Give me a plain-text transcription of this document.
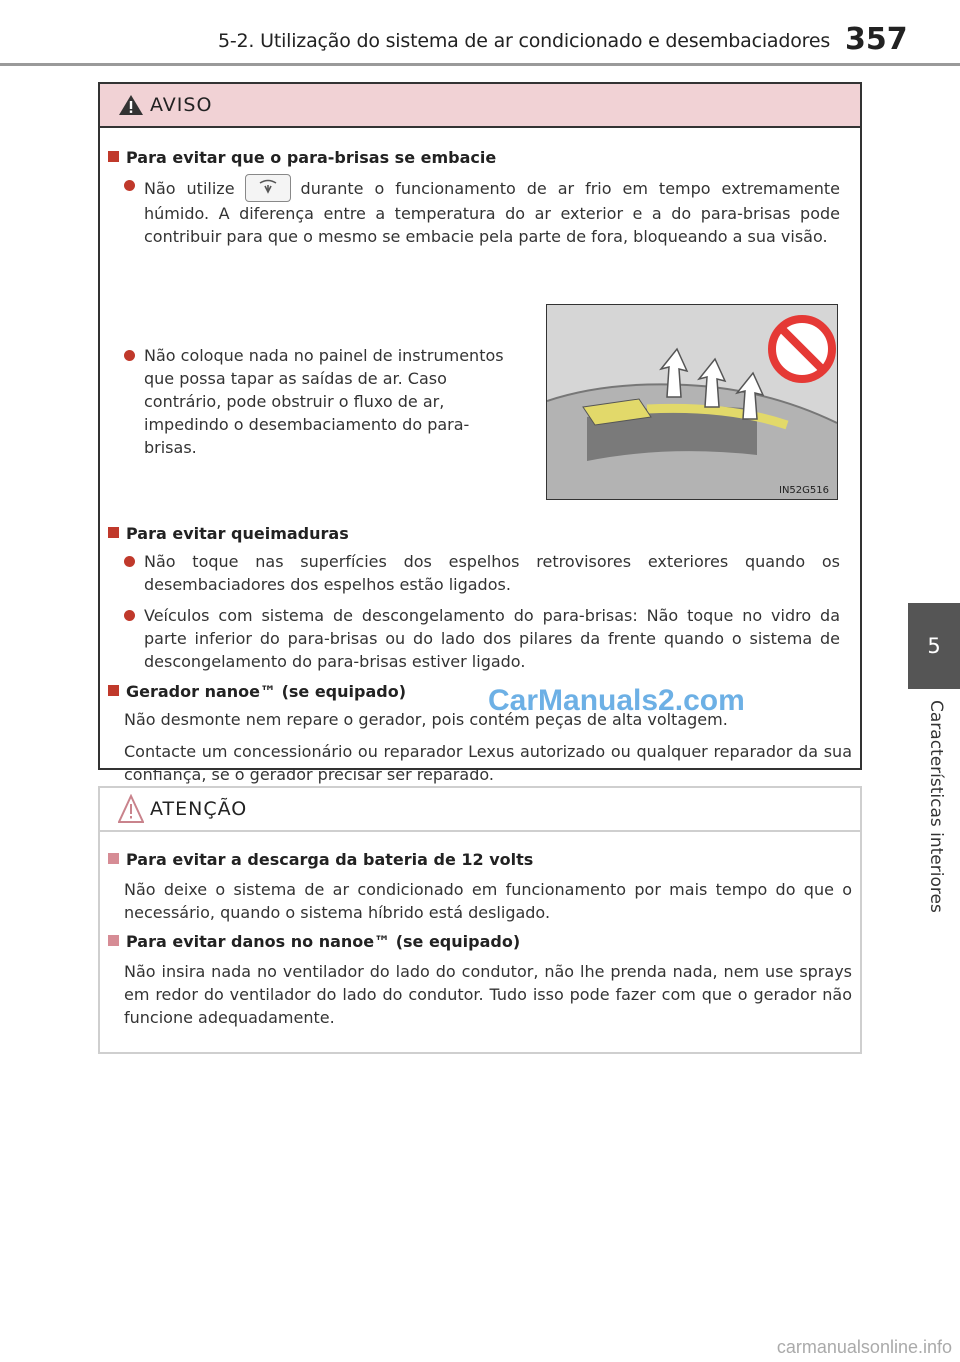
5-2. Utilização do sistema de ar condicionado e desembaciadores 357
5
Características interiores
AVISO
Para evitar que o para-brisas se embacie
Não utilize	durante o funcionamento de ar frio em tempo extremamente húmido. A diferença entre a temperatura do ar exterior e a do para-brisas pode contribuir para que o mesmo se embacie pela parte de fora, bloqueando a sua visão.
Não coloque nada no painel de instrumentos que possa tapar as saídas de ar. Caso contrário, pode obstruir o fluxo de ar, impedindo o desembaciamento do para-brisas.
IN52G516
Para evitar queimaduras
Não toque nas superfícies dos espelhos retrovisores exteriores quando os desembaciadores dos espelhos estão ligados.
Veículos com sistema de descongelamento do para-brisas: Não toque no vidro da parte inferior do para-brisas ou do lado dos pilares da frente quando o sistema de descongelamento do para-brisas estiver ligado.
Gerador nanoe™ (se equipado)
Não desmonte nem repare o gerador, pois contém peças de alta voltagem.
Contacte um concessionário ou reparador Lexus autorizado ou qualquer reparador da sua confiança, se o gerador precisar ser reparado.
CarManuals2.com
ATENÇÃO
Para evitar a descarga da bateria de 12 volts
Não deixe o sistema de ar condicionado em funcionamento por mais tempo do que o necessário, quando o sistema híbrido está desligado.
Para evitar danos no nanoe™ (se equipado)
Não insira nada no ventilador do lado do condutor, não lhe prenda nada, nem use sprays em redor do ventilador do lado do condutor. Tudo isso pode fazer com que o gerador não funcione adequadamente.
carmanualsonline.info
